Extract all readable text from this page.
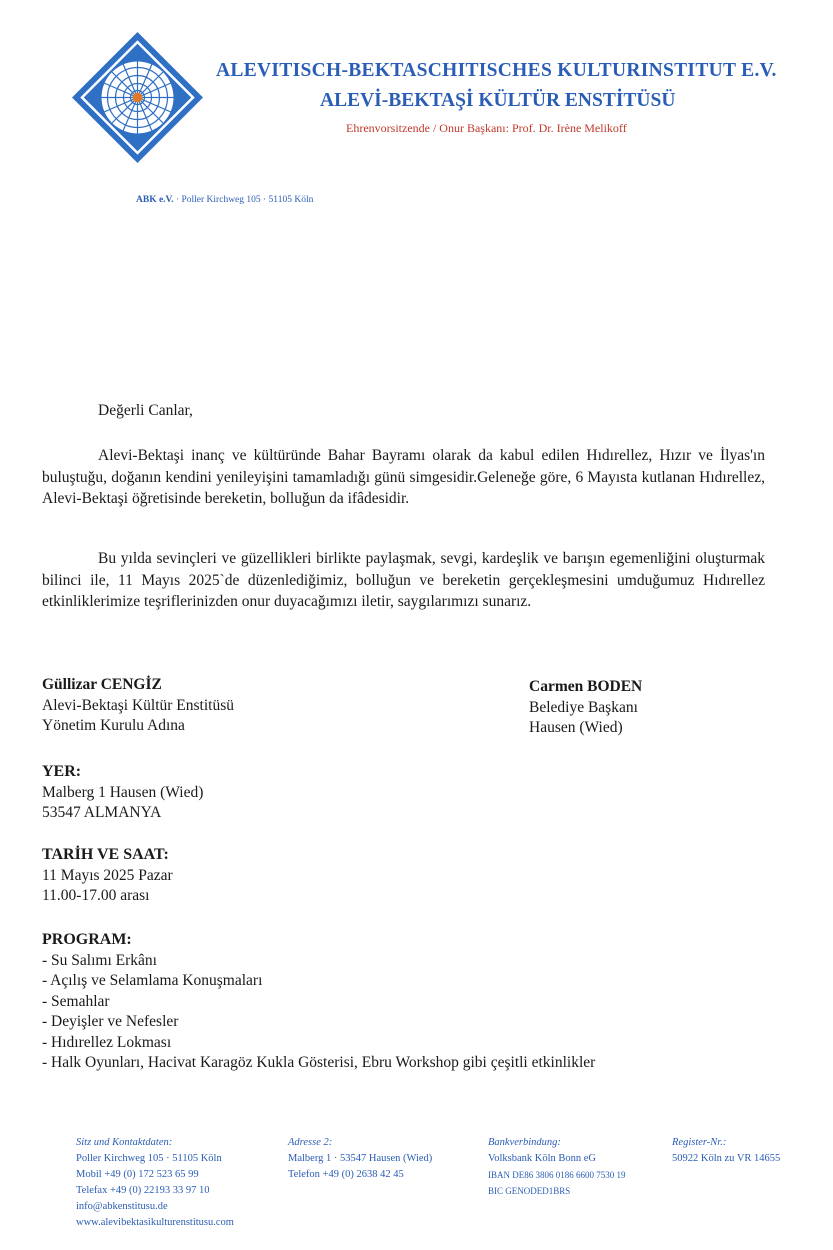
ALEVITISCH-BEKTASCHITISCHES KULTURINSTITUT E.V.
ALEVİ-BEKTAŞİ KÜLTÜR ENSTİTÜSÜ
Ehrenvorsitzende / Onur Başkanı: Prof. Dr. Irène Melikoff
ABK e.V. · Poller Kirchweg 105 · 51105 Köln
Değerli Canlar,

Alevi-Bektaşi inanç ve kültüründe Bahar Bayramı olarak da kabul edilen Hıdırellez, Hızır ve İlyas'ın buluştuğu, doğanın kendini yenileyişini tamamladığı günü simgesidir.Geleneğe göre, 6 Mayısta kutlanan Hıdırellez, Alevi-Bektaşi öğretisinde bereketin, bolluğun da ifâdesidir.

Bu yılda sevinçleri ve güzellikleri birlikte paylaşmak, sevgi, kardeşlik ve barışın egemenliğini oluşturmak bilinci ile, 11 Mayıs 2025`de düzenlediğimiz, bolluğun ve bereketin gerçekleşmesini umduğumuz Hıdırellez etkinliklerimize teşriflerinizden onur duyacağımızı iletir, saygılarımızı sunarız.

Güllizar CENGİZ
Alevi-Bektaşi Kültür Enstitüsü
Yönetim Kurulu Adına
Carmen BODEN
Belediye Başkanı
Hausen (Wied)
YER:
Malberg 1 Hausen (Wied)
53547 ALMANYA
TARİH VE SAAT:
11 Mayıs 2025 Pazar
11.00-17.00 arası
PROGRAM:
- Su Salımı Erkânı
- Açılış ve Selamlama Konuşmaları
- Semahlar
- Deyişler ve Nefesler
- Hıdırellez Lokması
- Halk Oyunları, Hacivat Karagöz Kukla Gösterisi, Ebru Workshop gibi çeşitli etkinlikler
Sitz und Kontaktdaten:
Poller Kirchweg 105 · 51105 Köln
Mobil +49 (0) 172 523 65 99
Telefax +49 (0) 22193 33 97 10
info@abkenstitusu.de
www.alevibektasikulturenstitusu.com
Adresse 2:
Malberg 1 · 53547 Hausen (Wied)
Telefon +49 (0) 2638 42 45
Bankverbindung:
Volksbank Köln Bonn eG
IBAN DE86 3806 0186 6600 7530 19
BIC GENODED1BRS
Register-Nr.:
50922 Köln zu VR 14655
